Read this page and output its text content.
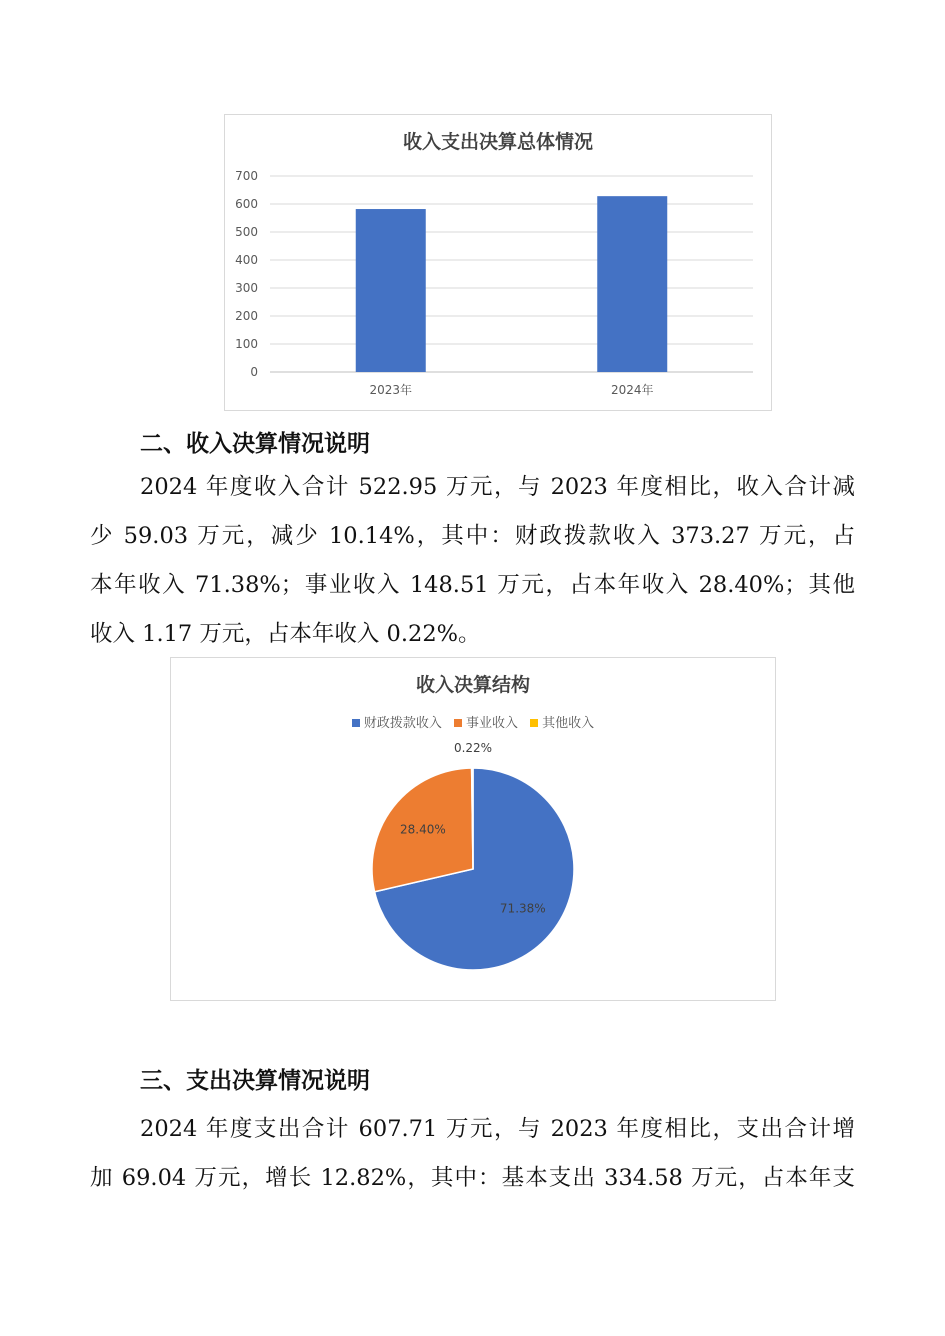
收入支出决算总体情况
0
100
200
300
400
500
600
700
2023年	2024年
二、收入决算情况说明
2024 年度收入合计 522.95 万元，与 2023 年度相比，收入合计减
少 59.03 万元，减少 10.14%，其中：财政拨款收入 373.27 万元，占
本年收入 71.38%；事业收入 148.51 万元，占本年收入 28.40%；其他
收入 1.17 万元，占本年收入 0.22%。
收入决算结构
财政拨款收入 事业收入 其他收入
71.38%
28.40%
0.22%
三、支出决算情况说明
2024 年度支出合计 607.71 万元，与 2023 年度相比，支出合计增
加 69.04 万元，增长 12.82%，其中：基本支出 334.58 万元，占本年支
